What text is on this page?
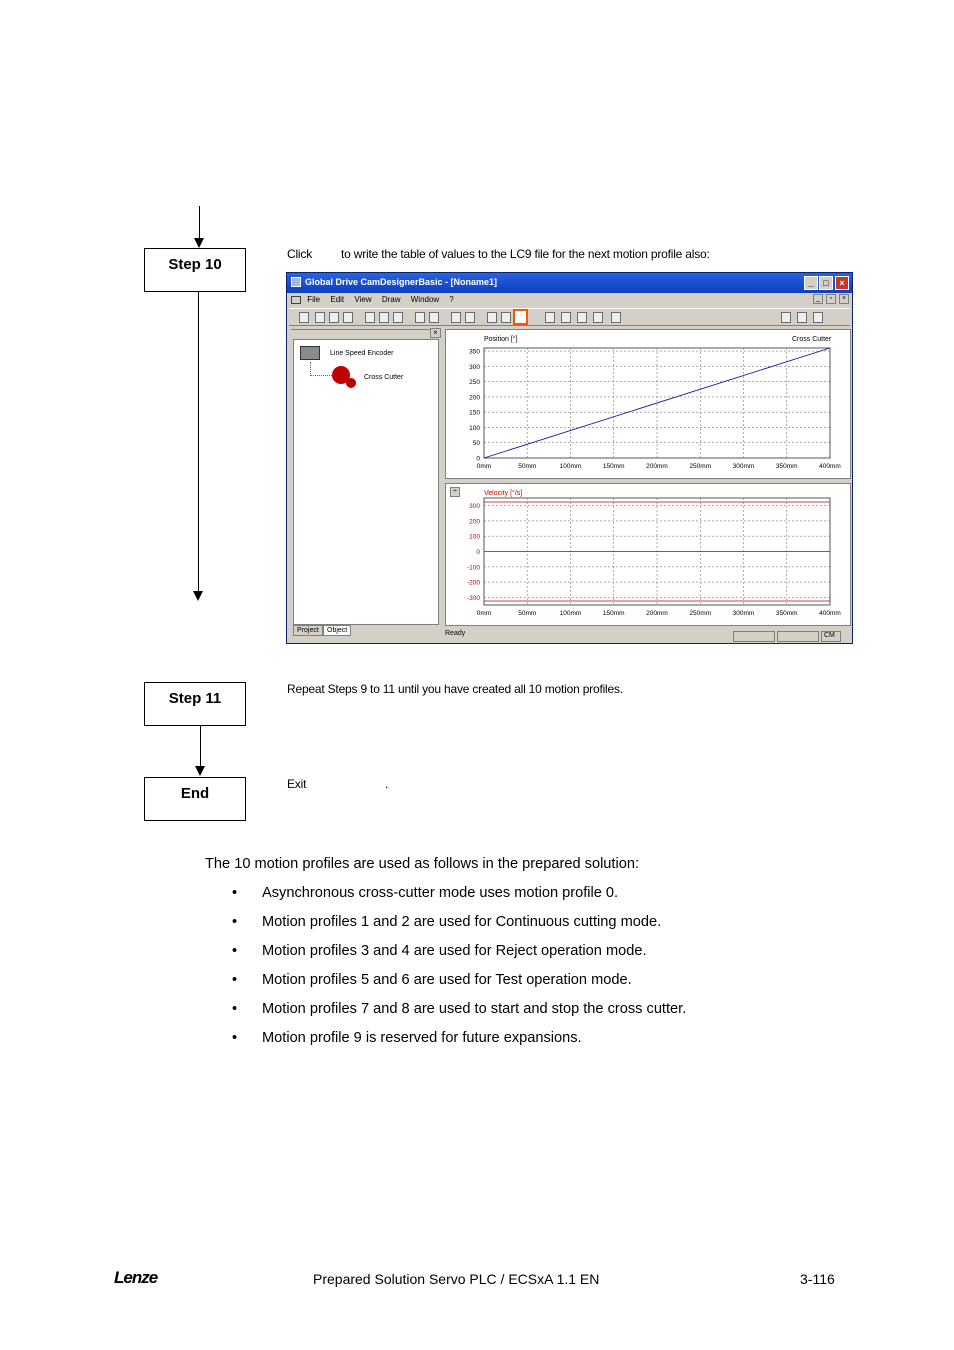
Step 10
Click to write the table of values to the LC9 file for the next motion profile also:
Global Drive CamDesignerBasic - [Noname1]	_	□	×
File Edit View Draw Window ?	_	▫	×
×
Line Speed Encoder
Cross Cutter
Project	Object
Position [°]	Cross Cutter
0mm	50mm	100mm	150mm	200mm	250mm	300mm	350mm	400mm
350
300
250
200
150
100
50
0
÷	Velocity [°/s]
0mm	50mm	100mm	150mm	200mm	250mm	300mm	350mm	400mm
300
200
100
0
-100
-200
-300
Ready	CM
Step 11
Repeat Steps 9 to 11 until you have created all 10 motion profiles.
End
Exit	.
The 10 motion profiles are used as follows in the prepared solution:
• Asynchronous cross-cutter mode uses motion profile 0.
• Motion profiles 1 and 2 are used for Continuous cutting mode.
• Motion profiles 3 and 4 are used for Reject operation mode.
• Motion profiles 5 and 6 are used for Test operation mode.
• Motion profiles 7 and 8 are used to start and stop the cross cutter.
• Motion profile 9 is reserved for future expansions.
Lenze	Prepared Solution Servo PLC / ECSxA 1.1 EN	3-116
